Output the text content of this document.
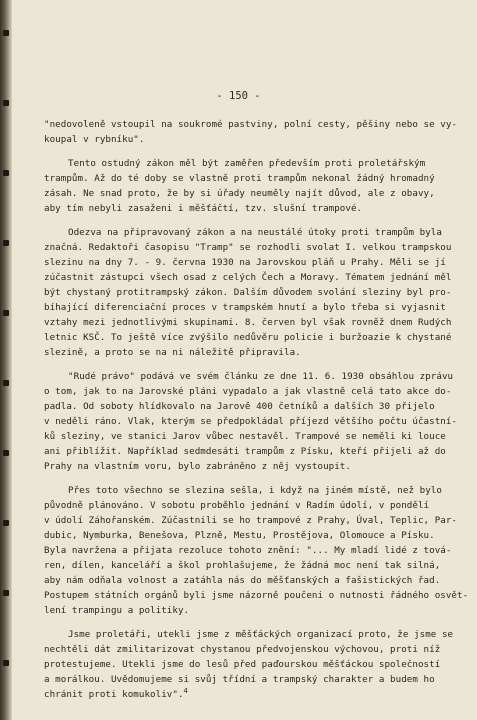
- 150 -

"nedovoleně vstoupil na soukromé pastviny, polní cesty, pěšiny nebo se vy-
koupal v rybníku".

Tento ostudný zákon měl být zaměřen především proti proletářským
trampům. Až do té doby se vlastně proti trampům nekonal žádný hromadný
zásah. Ne snad proto, že by si úřady neuměly najít důvod, ale z obavy,
aby tím nebyli zasaženi i měšťáčtí, tzv. slušní trampové.

Odezva na připravovaný zákon a na neustálé útoky proti trampům byla
značná. Redaktoři časopisu "Tramp" se rozhodli svolat I. velkou trampskou
slezinu na dny 7. - 9. června 1930 na Jarovskou pláň u Prahy. Měli se jí
zúčastnit zástupci všech osad z celých Čech a Moravy. Tématem jednání měl
být chystaný protitrampský zákon. Dalším důvodem svolání sleziny byl pro-
bíhající diferenciační proces v trampském hnutí a bylo třeba si vyjasnit
vztahy mezi jednotlivými skupinami. 8. červen byl však rovněž dnem Rudých
letnic KSČ. To ještě více zvýšilo nedůvěru policie i buržoazie k chystané
slezině, a proto se na ni náležitě připravila.

"Rudé právo" podává ve svém článku ze dne 11. 6. 1930 obsáhlou zprávu
o tom, jak to na Jarovské pláni vypadalo a jak vlastně celá tato akce do-
padla. Od soboty hlídkovalo na Jarově 400 četníků a dalších 30 přijelo
v neděli ráno. Vlak, kterým se předpokládal příjezd většího počtu účastní-
ků sleziny, ve stanici Jarov vůbec nestavěl. Trampové se neměli ki louce
ani přiblížit. Například sedmdesáti trampům z Písku, kteří přijeli až do
Prahy na vlastním voru, bylo zabráněno z něj vystoupit.

Přes toto všechno se slezina sešla, i když na jiném místě, než bylo
původně plánováno. V sobotu proběhlo jednání v Radím údolí, v pondělí
v údolí Záhořanském. Zúčastnili se ho trampové z Prahy, Úval, Teplic, Par-
dubic, Nymburka, Benešova, Plzně, Mestu, Prostějova, Olomouce a Písku.
Byla navržena a přijata rezoluce tohoto znění: "... My mladí lidé z tová-
ren, dílen, kanceláří a škol prohlašujeme, že žádná moc není tak silná,
aby nám odňala volnost a zatáhla nás do měšťanských a fašistických řad.
Postupem státních orgánů byli jsme názorně poučeni o nutnosti řádného osvět-
lení trampingu a politiky.

Jsme proletáři, utekli jsme z měšťáckých organizací proto, že jsme se
nechtěli dát zmilitarizovat chystanou předvojenskou výchovou, proti níž
protestujeme. Utekli jsme do lesů před paďourskou měšťáckou společností
a morálkou. Uvědomujeme si svůj třídní a trampský charakter a budem ho
chránit proti komukoliv".$^4$
